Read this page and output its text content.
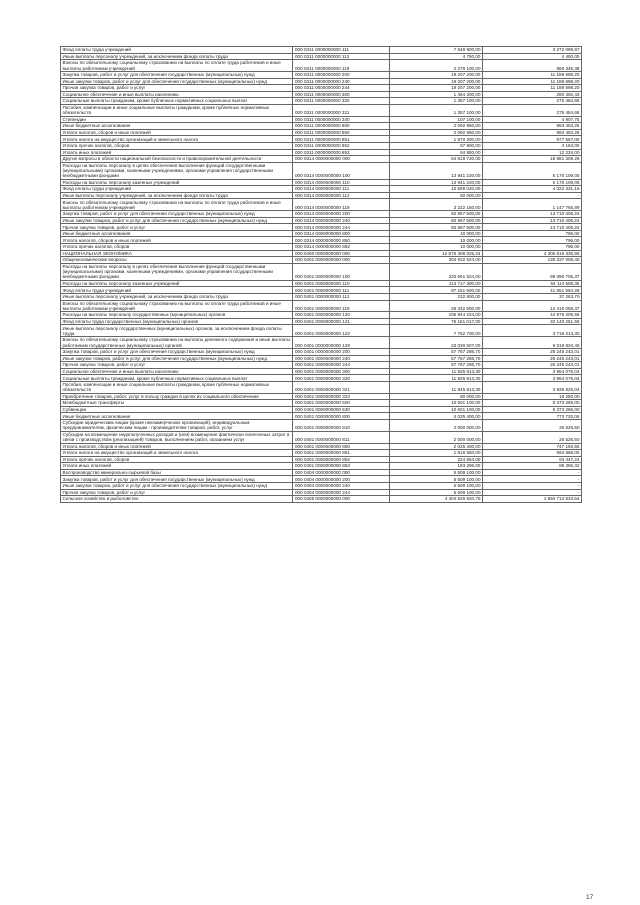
Фонд оплаты труда учреждений	000 0311 0000000000 111	7 548 900,00	3 272 099,97
Иные выплаты персоналу учреждений, за исключением фонда оплаты труда	000 0311 0000000000 112	4 750,00	4 450,00
Взносы по обязательному социальному страхованию на выплаты по оплате труда работников и иные выплаты работникам учреждений	000 0311 0000000000 119	2 279 100,00	866 345,38
Закупка товаров, работ и услуг для обеспечения государственных (муниципальных) нужд	000 0311 0000000000 200	19 207 200,00	11 189 698,20
Иные закупки товаров, работ и услуг для обеспечения государственных (муниципальных) нужд	000 0311 0000000000 240	19 207 200,00	11 189 698,20
Прочая закупка товаров, работ и услуг	000 0311 0000000000 244	19 207 200,00	11 189 698,20
Социальное обеспечение и иные выплаты населению	000 0311 0000000000 300	1 464 200,00	280 392,43
Социальные выплаты гражданам, кроме публичных нормативных социальных выплат	000 0311 0000000000 320	1 357 100,00	275 484,68
Пособия, компенсации и иные социальные выплаты гражданам, кроме публичных нормативных обязательств	000 0311 0000000000 321	1 357 100,00	275 484,68
Стипендии	000 0311 0000000000 340	107 100,00	4 907,75
Иные бюджетные ассигнования	000 0311 0000000000 800	2 092 950,00	993 463,26
Уплата налогов, сборов и иных платежей	000 0311 0000000000 850	2 092 950,00	993 463,26
Уплата налога на имущество организаций и земельного налога	000 0311 0000000000 851	1 970 200,00	977 567,00
Уплата прочих налогов, сборов	000 0311 0000000000 852	57 900,00	4 163,00
Уплата иных платежей	000 0311 0000000000 853	64 850,00	12 234,00
Другие вопросы в области национальной безопасности и правоохранительной деятельности	000 0314 0000000000 000	64 819 720,00	18 881 309,29
Расходы на выплаты персоналу в целях обеспечения выполнения функций государственными (муниципальными) органами, казенными учреждениями, органами управления государственными внебюджетными фондами	000 0314 0000000000 100	13 941 220,00	5 170 109,05
Расходы на выплаты персоналу казенных учреждений	000 0314 0000000000 110	13 941 220,00	5 170 109,05
Фонд оплаты труда учреждений	000 0314 0000000000 111	10 669 020,00	4 022 331,16
Иные выплаты персоналу учреждений, за исключением фонда оплаты труда	000 0314 0000000000 112	50 000,00	-
Взносы по обязательному социальному страхованию на выплаты по оплате труда работников и иные выплаты работникам учреждений	000 0314 0000000000 119	3 222 160,00	1 147 765,89
Закупка товаров, работ и услуг для обеспечения государственных (муниципальных) нужд	000 0314 0000000000 200	50 867 500,00	13 710 406,24
Иные закупки товаров, работ и услуг для обеспечения государственных (муниципальных) нужд	000 0314 0000000000 240	50 867 500,00	13 710 406,24
Прочая закупка товаров, работ и услуг	000 0314 0000000000 244	50 867 500,00	13 710 406,24
Иные бюджетные ассигнования	000 0314 0000000000 800	10 000,00	796,00
Уплата налогов, сборов и иных платежей	000 0314 0000000000 850	10 000,00	796,00
Уплата прочих налогов, сборов	000 0314 0000000000 852	10 000,00	796,00
НАЦИОНАЛЬНАЯ ЭКОНОМИКА	000 0400 0000000000 000	12 876 306 025,24	4 305 616 335,96
Общеэкономические вопросы	000 0401 0000000000 000	304 932 524,00	135 337 008,48
Расходы на выплаты персоналу в целях обеспечения выполнения функций государственными (муниципальными) органами, казенными учреждениями, органами управления государственными внебюджетными фондами	000 0401 0000000000 100	220 661 524,00	99 090 705,37
Расходы на выплаты персоналу казенных учреждений	000 0401 0000000000 110	113 717 300,00	54 114 508,35
Фонд оплаты труда учреждений	000 0401 0000000000 111	87 151 900,00	41 651 994,28
Иные выплаты персоналу учреждений, за исключением фонда оплаты труда	000 0401 0000000000 112	232 500,00	37 263,70
Взносы по обязательному социальному страхованию на выплаты по оплате труда работников и иные выплаты работникам учреждений	000 0401 0000000000 119	26 332 900,00	12 415 058,37
Расходы на выплаты персоналу государственных (муниципальных) органов	000 0401 0000000000 120	106 944 224,00	44 976 309,56
Фонд оплаты труда государственных (муниципальных) органов	000 0401 0000000000 121	76 161 017,00	32 140 261,58
Иные выплаты персоналу государственных (муниципальных) органов, за исключением фонда оплаты труда	000 0401 0000000000 122	7 752 700,00	3 716 213,30
Взносы по обязательному социальному страхованию на выплаты денежного содержания и иные выплаты работникам государственных (муниципальных) органов	000 0401 0000000000 129	23 030 507,00	9 019 834,45
Закупка товаров, работ и услуг для обеспечения государственных (муниципальных) нужд	000 0401 0000000000 200	57 767 286,70	26 245 243,01
Иные закупки товаров, работ и услуг для обеспечения государственных (муниципальных) нужд	000 0401 0000000000 240	57 767 286,70	26 245 243,01
Прочая закупка товаров, работ и услуг	000 0401 0000000000 244	57 767 286,70	26 245 243,01
Социальное обеспечение и иные выплаты населению	000 0401 0000000000 300	11 825 913,30	3 954 075,04
Социальные выплаты гражданам, кроме публичных нормативных социальных выплат	000 0401 0000000000 320	11 825 913,30	3 954 075,04
Пособия, компенсации и иные социальные выплаты гражданам, кроме публичных нормативных обязательств	000 0401 0000000000 321	11 845 913,30	3 935 825,04
Приобретение товаров, работ, услуг в пользу граждан в целях их социального обеспечения	000 0401 0000000000 323	80 000,00	18 250,00
Межбюджетные трансферты	000 0401 0000000000 500	10 501 100,00	5 373 265,00
Субвенции	000 0401 0000000000 530	10 501 100,00	5 373 265,00
Иные бюджетные ассигнования	000 0401 0000000000 800	4 025 400,00	773 720,06
Субсидии юридическим лицам (кроме некоммерческих организаций), индивидуальным предпринимателям, физическим лицам - производителям товаров, работ, услуг	000 0401 0000000000 810	2 000 000,00	26 526,50
Субсидии на возмещение недополученных доходов и (или) возмещение фактически понесенных затрат в связи с производством (реализацией) товаров, выполнением работ, оказанием услуг	000 0401 0000000000 811	2 000 000,00	26 526,50
Уплата налогов, сборов и иных платежей	000 0401 0000000000 850	2 025 400,00	747 193,56
Уплата налога на имущество организаций и земельного налога	000 0401 0000000000 851	1 618 550,00	594 868,00
Уплата прочих налогов, сборов	000 0401 0000000000 852	224 554,00	63 447,24
Уплата иных платежей	000 0401 0000000000 853	183 296,00	88 365,32
Воспроизводство минерально-сырьевой базы	000 0404 0000000000 000	5 509 100,00	-
Закупка товаров, работ и услуг для обеспечения государственных (муниципальных) нужд	000 0404 0000000000 200	5 509 100,00	-
Иные закупки товаров, работ и услуг для обеспечения государственных (муниципальных) нужд	000 0404 0000000000 240	5 509 100,00	-
Прочая закупка товаров, работ и услуг	000 0404 0000000000 244	5 509 100,00	-
Сельское хозяйство и рыболовство	000 0405 0000000000 000	4 404 526 820,76	1 694 712 633,64
17
